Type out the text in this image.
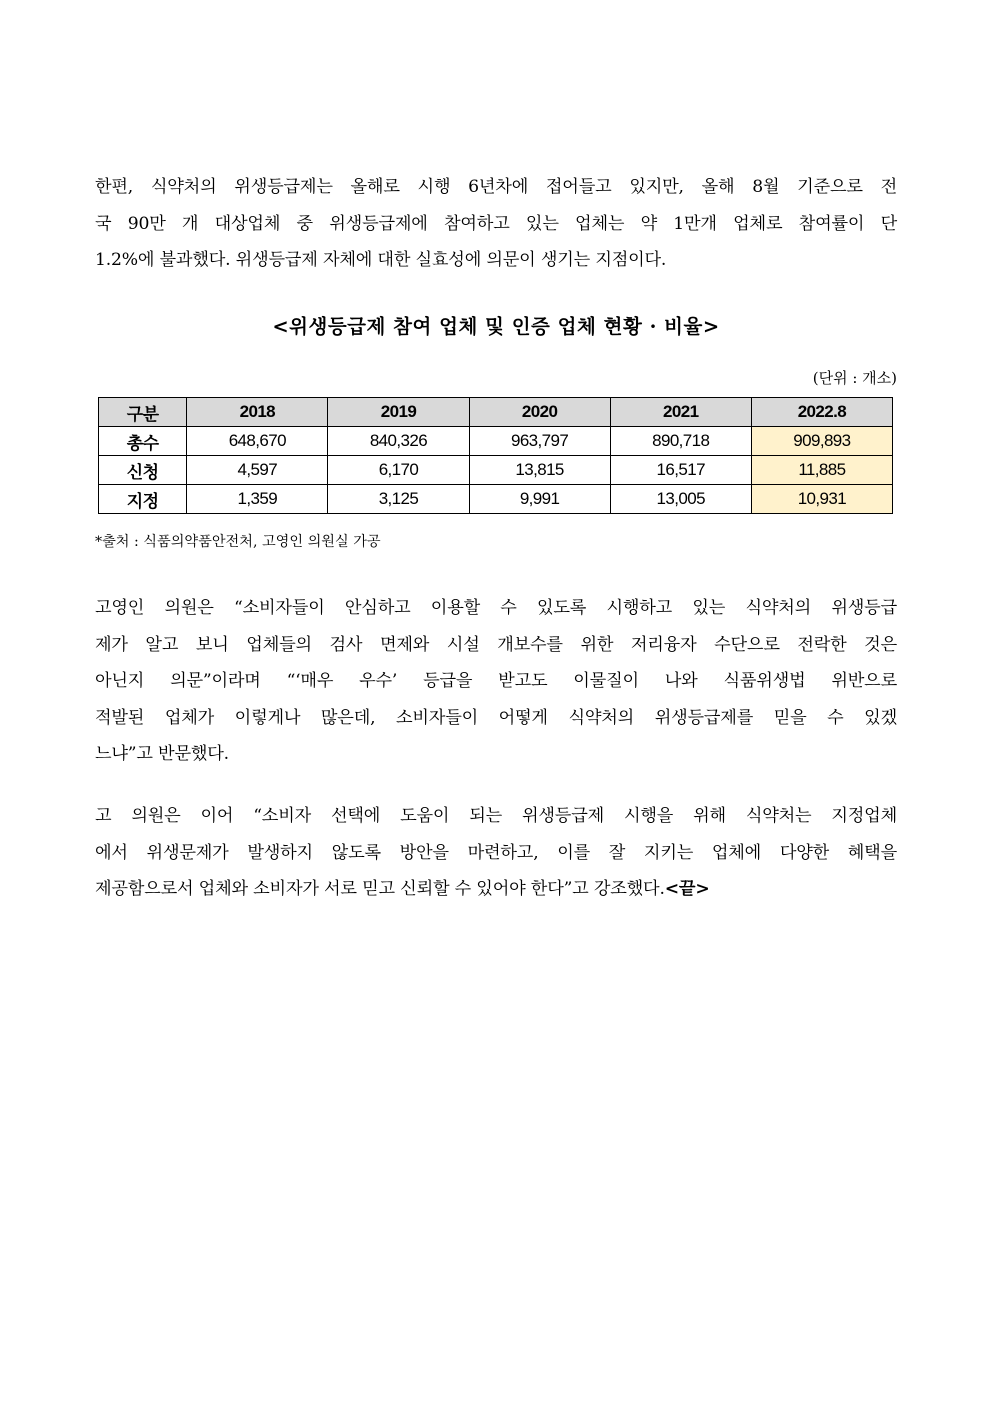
한편, 식약처의 위생등급제는 올해로 시행 6년차에 접어들고 있지만, 올해 8월 기준으로 전
국 90만 개 대상업체 중 위생등급제에 참여하고 있는 업체는 약 1만개 업체로 참여률이 단
1.2%에 불과했다. 위생등급제 자체에 대한 실효성에 의문이 생기는 지점이다.

<위생등급제 참여 업체 및 인증 업체 현황 · 비율>

(단위 : 개소)

구분	2018	2019	2020	2021	2022.8
총수	648,670	840,326	963,797	890,718	909,893
신청	4,597	6,170	13,815	16,517	11,885
지정	1,359	3,125	9,991	13,005	10,931

*출처 : 식품의약품안전처, 고영인 의원실 가공

고영인 의원은 “소비자들이 안심하고 이용할 수 있도록 시행하고 있는 식약처의 위생등급
제가 알고 보니 업체들의 검사 면제와 시설 개보수를 위한 저리융자 수단으로 전락한 것은
아닌지 의문”이라며 “‘매우 우수’ 등급을 받고도 이물질이 나와 식품위생법 위반으로
적발된 업체가 이렇게나 많은데, 소비자들이 어떻게 식약처의 위생등급제를 믿을 수 있겠
느냐”고 반문했다.

고 의원은 이어 “소비자 선택에 도움이 되는 위생등급제 시행을 위해 식약처는 지정업체
에서 위생문제가 발생하지 않도록 방안을 마련하고, 이를 잘 지키는 업체에 다양한 혜택을
제공함으로서 업체와 소비자가 서로 믿고 신뢰할 수 있어야 한다”고 강조했다.<끝>
